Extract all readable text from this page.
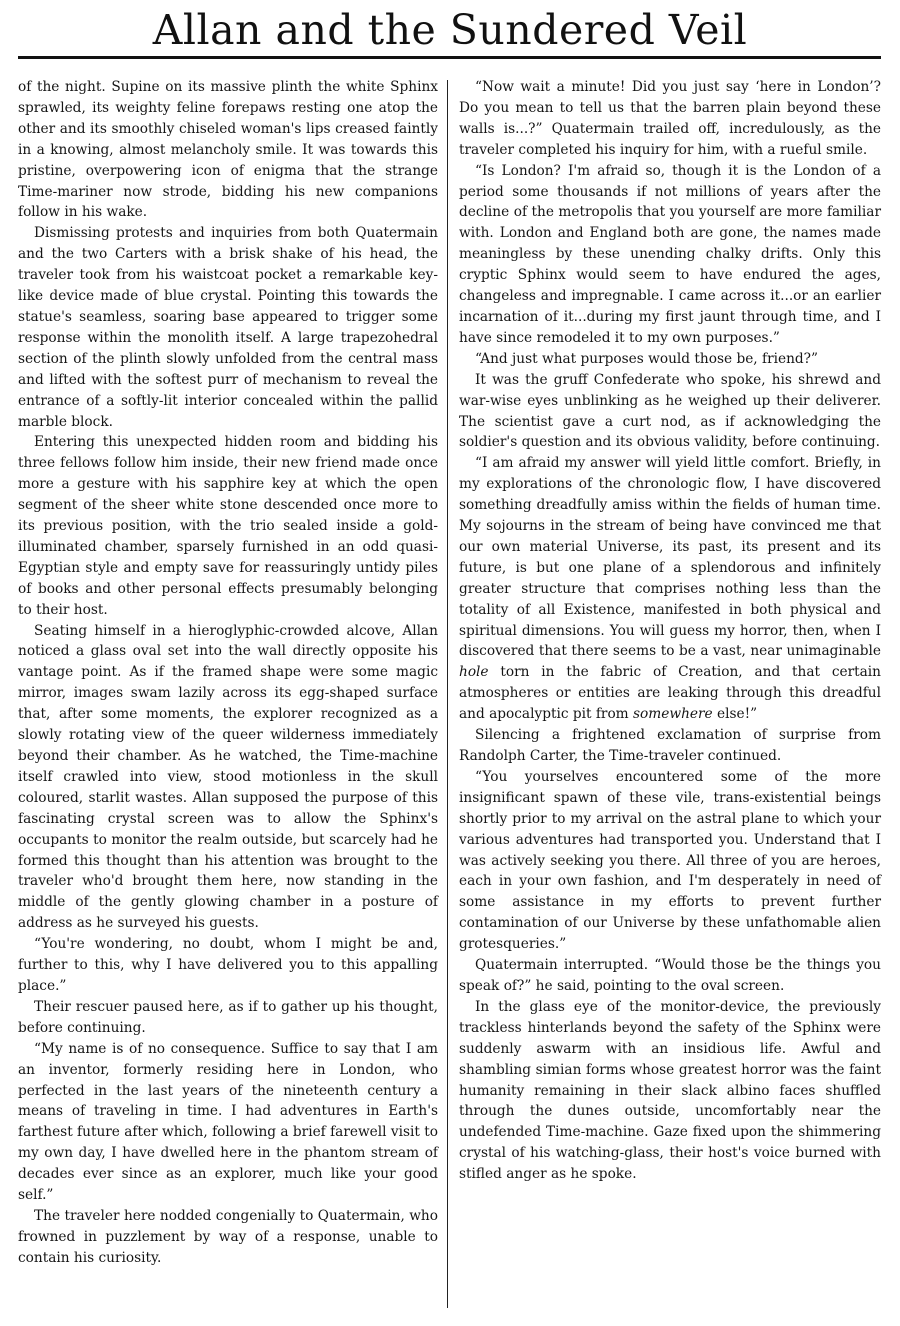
Allan and the Sundered Veil

of the night. Supine on its massive plinth the white Sphinx sprawled, its weighty feline forepaws resting one atop the other and its smoothly chiseled woman's lips creased faintly in a knowing, almost melancholy smile. It was towards this pristine, overpowering icon of enigma that the strange Time-mariner now strode, bidding his new companions follow in his wake.

Dismissing protests and inquiries from both Quatermain and the two Carters with a brisk shake of his head, the traveler took from his waistcoat pocket a remarkable key-like device made of blue crystal. Pointing this towards the statue's seamless, soaring base appeared to trigger some response within the monolith itself. A large trapezohedral section of the plinth slowly unfolded from the central mass and lifted with the softest purr of mechanism to reveal the entrance of a softly-lit interior concealed within the pallid marble block.

Entering this unexpected hidden room and bidding his three fellows follow him inside, their new friend made once more a gesture with his sapphire key at which the open segment of the sheer white stone descended once more to its previous position, with the trio sealed inside a gold-illuminated chamber, sparsely furnished in an odd quasi-Egyptian style and empty save for reassuringly untidy piles of books and other personal effects presumably belonging to their host.

Seating himself in a hieroglyphic-crowded alcove, Allan noticed a glass oval set into the wall directly opposite his vantage point. As if the framed shape were some magic mirror, images swam lazily across its egg-shaped surface that, after some moments, the explorer recognized as a slowly rotating view of the queer wilderness immediately beyond their chamber. As he watched, the Time-machine itself crawled into view, stood motionless in the skull coloured, starlit wastes. Allan supposed the purpose of this fascinating crystal screen was to allow the Sphinx's occupants to monitor the realm outside, but scarcely had he formed this thought than his attention was brought to the traveler who'd brought them here, now standing in the middle of the gently glowing chamber in a posture of address as he surveyed his guests.

“You're wondering, no doubt, whom I might be and, further to this, why I have delivered you to this appalling place.”

Their rescuer paused here, as if to gather up his thought, before continuing.

“My name is of no consequence. Suffice to say that I am an inventor, formerly residing here in London, who perfected in the last years of the nineteenth century a means of traveling in time. I had adventures in Earth's farthest future after which, following a brief farewell visit to my own day, I have dwelled here in the phantom stream of decades ever since as an explorer, much like your good self.”

The traveler here nodded congenially to Quatermain, who frowned in puzzlement by way of a response, unable to contain his curiosity.

“Now wait a minute! Did you just say ‘here in London’? Do you mean to tell us that the barren plain beyond these walls is...?” Quatermain trailed off, incredulously, as the traveler completed his inquiry for him, with a rueful smile.

“Is London? I'm afraid so, though it is the London of a period some thousands if not millions of years after the decline of the metropolis that you yourself are more familiar with. London and England both are gone, the names made meaningless by these unending chalky drifts. Only this cryptic Sphinx would seem to have endured the ages, changeless and impregnable. I came across it...or an earlier incarnation of it...during my first jaunt through time, and I have since remodeled it to my own purposes.”

“And just what purposes would those be, friend?”

It was the gruff Confederate who spoke, his shrewd and war-wise eyes unblinking as he weighed up their deliverer. The scientist gave a curt nod, as if acknowledging the soldier's question and its obvious validity, before continuing.

“I am afraid my answer will yield little comfort. Briefly, in my explorations of the chronologic flow, I have discovered something dreadfully amiss within the fields of human time. My sojourns in the stream of being have convinced me that our own material Universe, its past, its present and its future, is but one plane of a splendorous and infinitely greater structure that comprises nothing less than the totality of all Existence, manifested in both physical and spiritual dimensions. You will guess my horror, then, when I discovered that there seems to be a vast, near unimaginable hole torn in the fabric of Creation, and that certain atmospheres or entities are leaking through this dreadful and apocalyptic pit from somewhere else!”

Silencing a frightened exclamation of surprise from Randolph Carter, the Time-traveler continued.

“You yourselves encountered some of the more insignificant spawn of these vile, trans-existential beings shortly prior to my arrival on the astral plane to which your various adventures had transported you. Understand that I was actively seeking you there. All three of you are heroes, each in your own fashion, and I'm desperately in need of some assistance in my efforts to prevent further contamination of our Universe by these unfathomable alien grotesqueries.”

Quatermain interrupted. “Would those be the things you speak of?” he said, pointing to the oval screen.

In the glass eye of the monitor-device, the previously trackless hinterlands beyond the safety of the Sphinx were suddenly aswarm with an insidious life. Awful and shambling simian forms whose greatest horror was the faint humanity remaining in their slack albino faces shuffled through the dunes outside, uncomfortably near the undefended Time-machine. Gaze fixed upon the shimmering crystal of his watching-glass, their host's voice burned with stifled anger as he spoke.
